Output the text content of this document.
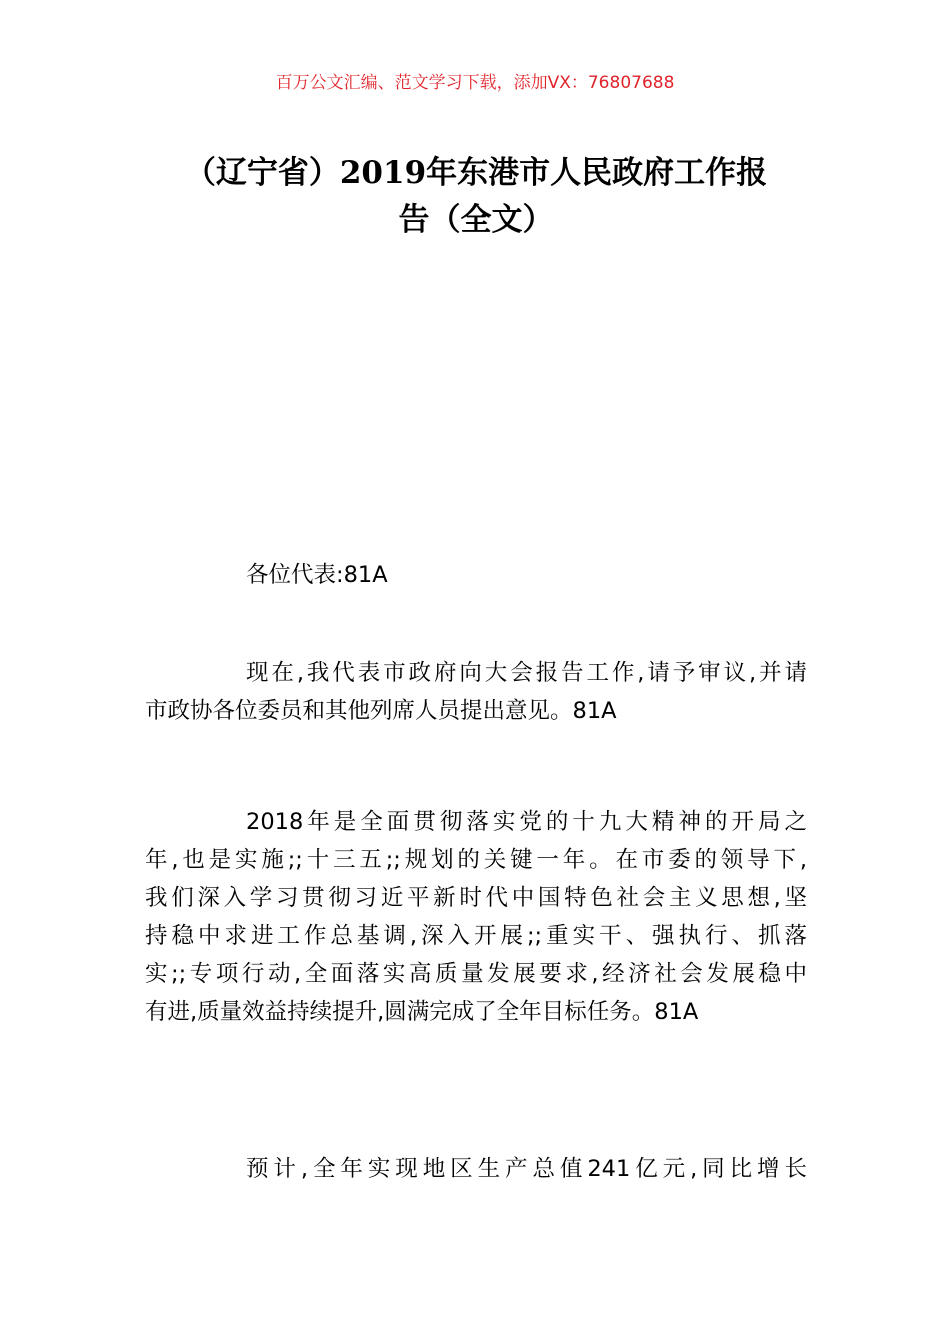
百万公文汇编、范文学习下载，添加VX：76807688
（辽宁省）2019年东港市人民政府工作报
告（全文）
各位代表:81A
现在,我代表市政府向大会报告工作,请予审议,并请
市政协各位委员和其他列席人员提出意见。81A
2018年是全面贯彻落实党的十九大精神的开局之
年,也是实施;;十三五;;规划的关键一年。在市委的领导下,
我们深入学习贯彻习近平新时代中国特色社会主义思想,坚
持稳中求进工作总基调,深入开展;;重实干、强执行、抓落
实;;专项行动,全面落实高质量发展要求,经济社会发展稳中
有进,质量效益持续提升,圆满完成了全年目标任务。81A
预计,全年实现地区生产总值241亿元,同比增长
